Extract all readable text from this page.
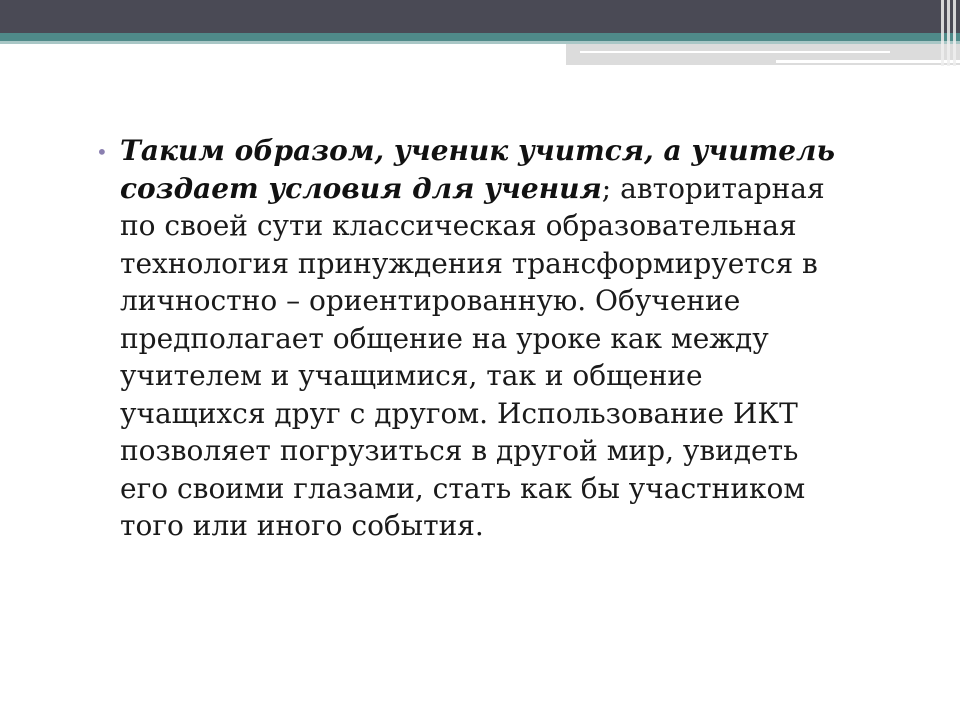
• Таким образом, ученик учится, а учитель создает условия для учения; авторитарная по своей сути классическая образовательная технология принуждения трансформируется в личностно – ориентированную. Обучение предполагает общение на уроке как между учителем и учащимися, так и общение учащихся друг с другом. Использование ИКТ позволяет погрузиться в другой мир, увидеть его своими глазами, стать как бы участником того или иного события.
